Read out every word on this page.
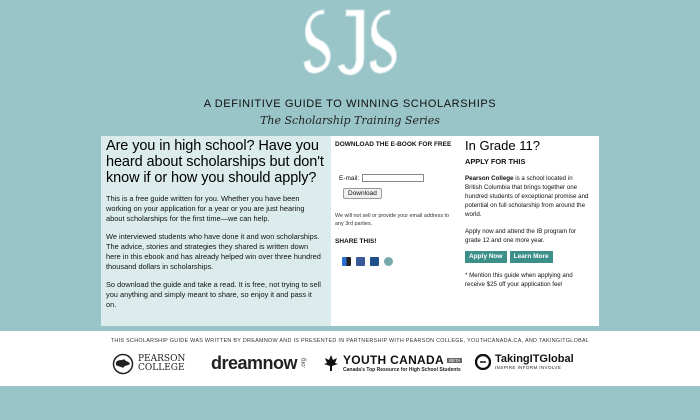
A DEFINITIVE GUIDE TO WINNING SCHOLARSHIPS
The Scholarship Training Series
Are you in high school? Have you heard about scholarships but don't know if or how you should apply?

This is a free guide written for you. Whether you have been working on your application for a year or you are just hearing about scholarships for the first time—we can help.

We interviewed students who have done it and won scholarships. The advice, stories and strategies they shared is written down here in this ebook and has already helped win over three hundred thousand dollars in scholarships.

So download the guide and take a read. It is free, not trying to sell you anything and simply meant to share, so enjoy it and pass it on.

DOWNLOAD THE E-BOOK FOR FREE
E-mail:
Download
We will not sell or provide your email address to any 3rd parties.
SHARE THIS!
In Grade 11?
APPLY FOR THIS

Pearson College is a school located in British Columbia that brings together one hundred students of exceptional promise and potential on full scholarship from around the world.

Apply now and attend the IB program for grade 12 and one more year.

Apply Now	Learn More

* Mention this guide when applying and receive $25 off your application fee!

THIS SCHOLARSHIP GUIDE WAS WRITTEN BY DREAMNOW AND IS PRESENTED IN PARTNERSHIP WITH PEARSON COLLEGE, YOUTHCANADA.CA, AND TAKINGITGLOBAL
PEARSON
COLLEGE dreamnow .org	YOUTH CANADA	BETA
Canada's Top Resource for High School Students
TakingITGlobal
INSPIRE INFORM INVOLVE
